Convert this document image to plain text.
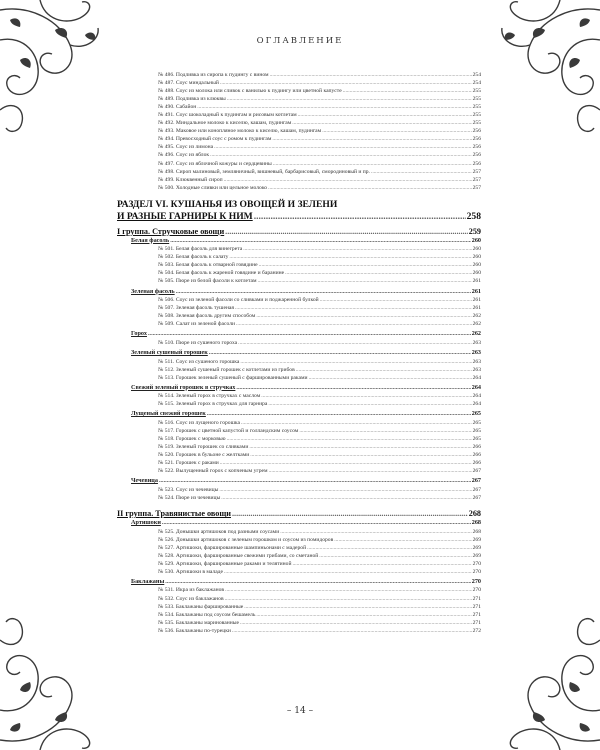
ОГЛАВЛЕНИЕ
№ 486. Подливка из сиропа к пудингу с вином .....	254
№ 487. Соус миндальный .....	254
№ 488. Соус из молока или сливок с ванилью к пудингу или цветной капусте .....	255
№ 489. Подливка из клюквы .....	255
№ 490. Сабайон .....	255
№ 491. Соус шоколадный к пудингам и рисовым котлетам .....	255
№ 492. Миндальное молоко к киселю, кашам, пудингам .....	255
№ 493. Маковое или конопляное молоко к киселю, кашам, пудингам .....	256
№ 494. Превосходный соус с ромом к пудингам .....	256
№ 495. Соус из лимона .....	256
№ 496. Соус из яблок .....	256
№ 497. Соус из яблочной кожуры и сердцевины .....	256
№ 498. Сироп малиновый, земляничный, вишневый, барбарисовый, смородиновый и пр. .....	257
№ 499. Клюквенный сироп .....	257
№ 500. Холодные сливки или цельное молоко .....	257
РАЗДЕЛ VI. КУШАНЬЯ ИЗ ОВОЩЕЙ И ЗЕЛЕНИ
И РАЗНЫЕ ГАРНИРЫ К НИМ .....	258
I группа. Стручковые овощи .....	259
Белая фасоль .....	260
№ 501. Белая фасоль для винегрета .....	260
№ 502. Белая фасоль к салату .....	260
№ 503. Белая фасоль к отварной говядине .....	260
№ 504. Белая фасоль к жареной говядине и баранине .....	260
№ 505. Пюре из белой фасоли к котлетам .....	261
Зеленая фасоль .....	261
№ 506. Соус из зеленой фасоли со сливками и поджаренной булкой .....	261
№ 507. Зеленая фасоль тушеная .....	261
№ 508. Зеленая фасоль другим способом .....	262
№ 509. Салат из зеленой фасоли .....	262
Горох .....	262
№ 510. Пюре из сушеного гороха .....	263
Зеленый сушеный горошек .....	263
№ 511. Соус из сушеного горошка .....	263
№ 512. Зеленый сушеный горошек с котлетами из грибов .....	263
№ 513. Горошек зеленый сушеный с фаршированными раками .....	264
Свежий зеленый горошек в стручках .....	264
№ 514. Зеленый горох в стручках с маслом .....	264
№ 515. Зеленый горох в стручках для гарнира .....	264
Лущеный свежий горошек .....	265
№ 516. Соус из лущеного горошка .....	265
№ 517. Горошек с цветной капустой и голландским соусом .....	265
№ 518. Горошек с морковью .....	265
№ 519. Зеленый горошек со сливками .....	266
№ 520. Горошек в бульоне с желтками .....	266
№ 521. Горошек с раками .....	266
№ 522. Вылущенный горох с копченым угрем .....	267
Чечевица .....	267
№ 523. Соус из чечевицы .....	267
№ 524. Пюре из чечевицы .....	267
II группа. Травянистые овощи .....	268
Артишоки .....	268
№ 525. Донышки артишоков под разными соусами .....	268
№ 526. Донышки артишоков с зеленым горошком и соусом из помидоров .....	269
№ 527. Артишоки, фаршированные шампиньонами с мадерой .....	269
№ 528. Артишоки, фаршированные свежими грибами, со сметаной .....	269
№ 529. Артишоки, фаршированные раками и телятиной .....	270
№ 530. Артишоки в маладе .....	270
Баклажаны .....	270
№ 531. Икра из баклажанов .....	270
№ 532. Соус из баклажанов .....	271
№ 533. Баклажаны фаршированные .....	271
№ 534. Баклажаны под соусом бешамель .....	271
№ 535. Баклажаны маринованные .....	271
№ 536. Баклажаны по-турецки .....	272
– 14 –
